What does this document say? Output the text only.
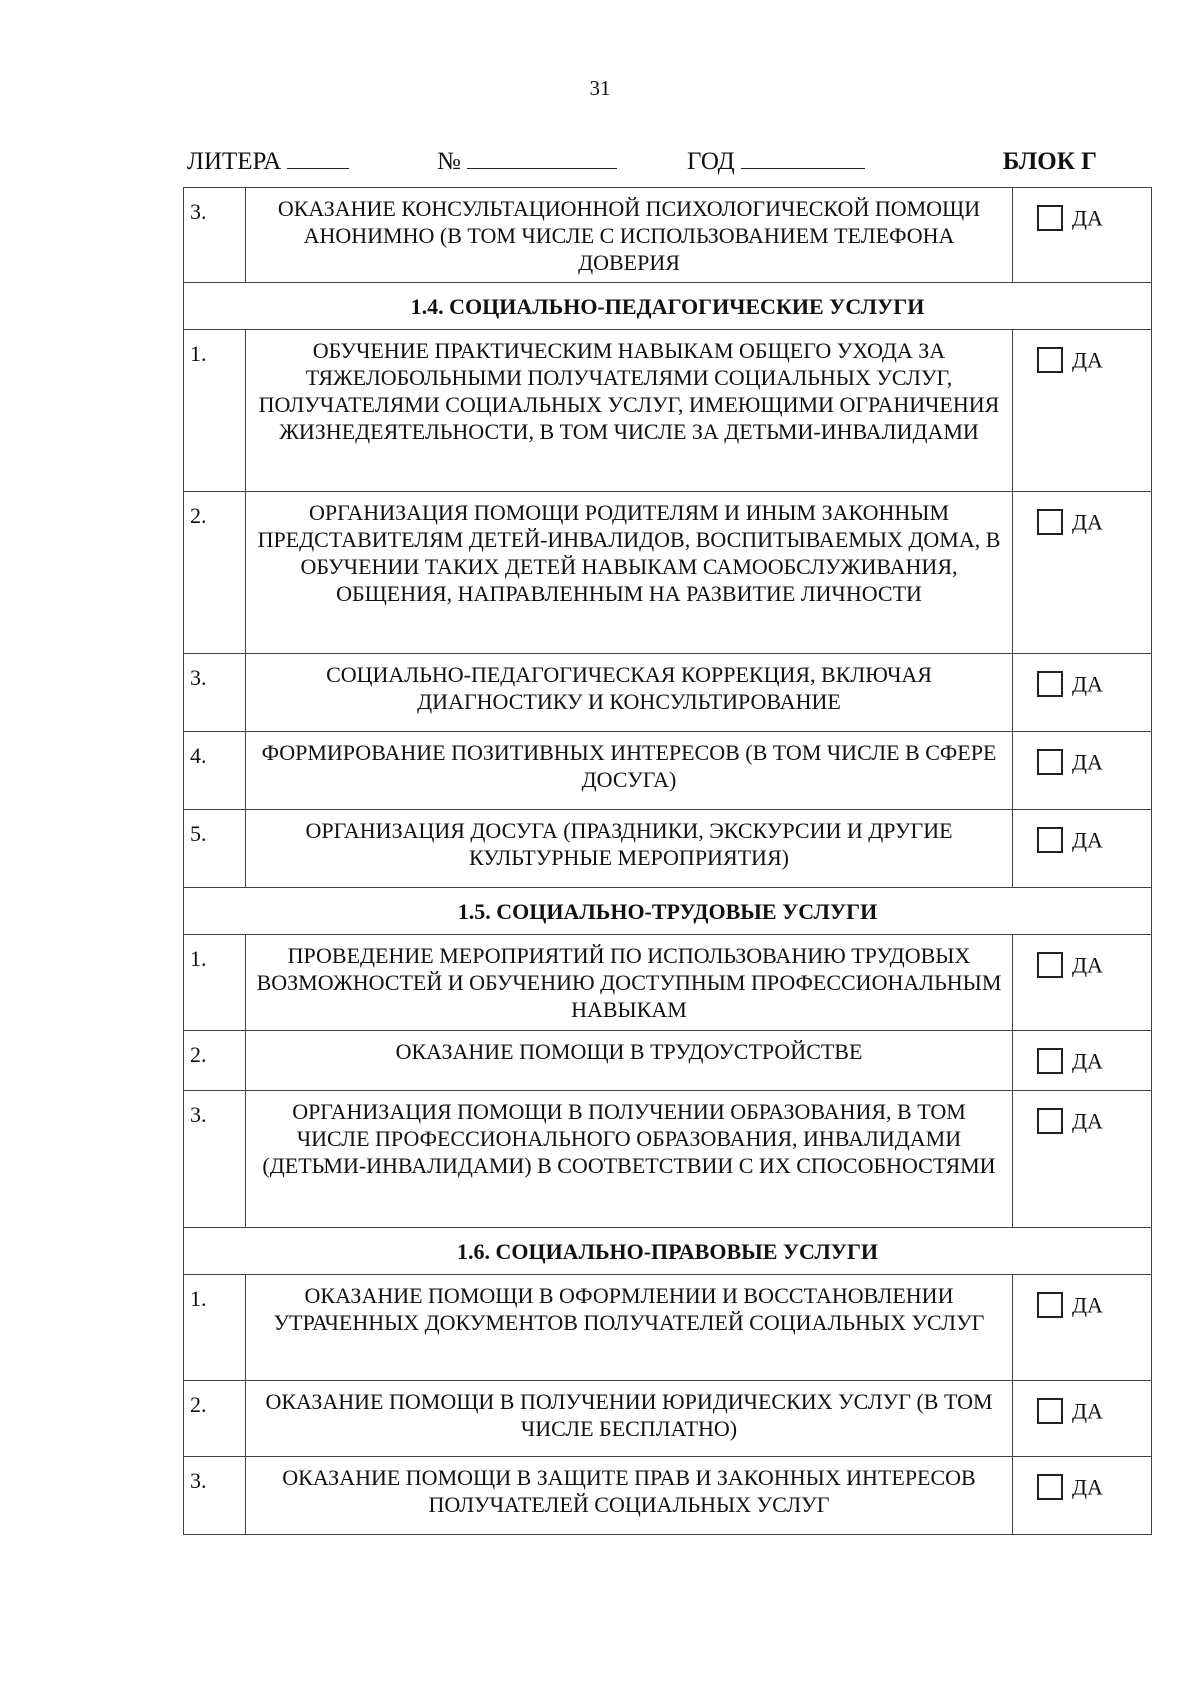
31
ЛИТЕРА	№	ГОД	БЛОК Г
3.	ОКАЗАНИЕ КОНСУЛЬТАЦИОННОЙ ПСИХОЛОГИЧЕСКОЙ ПОМОЩИ АНОНИМНО (В ТОМ ЧИСЛЕ С ИСПОЛЬЗОВАНИЕМ ТЕЛЕФОНА ДОВЕРИЯ	ДА
1.4. СОЦИАЛЬНО-ПЕДАГОГИЧЕСКИЕ УСЛУГИ		
1.	ОБУЧЕНИЕ ПРАКТИЧЕСКИМ НАВЫКАМ ОБЩЕГО УХОДА ЗА ТЯЖЕЛОБОЛЬНЫМИ ПОЛУЧАТЕЛЯМИ СОЦИАЛЬНЫХ УСЛУГ, ПОЛУЧАТЕЛЯМИ СОЦИАЛЬНЫХ УСЛУГ, ИМЕЮЩИМИ ОГРАНИЧЕНИЯ ЖИЗНЕДЕЯТЕЛЬНОСТИ, В ТОМ ЧИСЛЕ ЗА ДЕТЬМИ-ИНВАЛИДАМИ	ДА
2.	ОРГАНИЗАЦИЯ ПОМОЩИ РОДИТЕЛЯМ И ИНЫМ ЗАКОННЫМ ПРЕДСТАВИТЕЛЯМ ДЕТЕЙ-ИНВАЛИДОВ, ВОСПИТЫВАЕМЫХ ДОМА, В ОБУЧЕНИИ ТАКИХ ДЕТЕЙ НАВЫКАМ САМООБСЛУЖИВАНИЯ, ОБЩЕНИЯ, НАПРАВЛЕННЫМ НА РАЗВИТИЕ ЛИЧНОСТИ	ДА
3.	СОЦИАЛЬНО-ПЕДАГОГИЧЕСКАЯ КОРРЕКЦИЯ, ВКЛЮЧАЯ ДИАГНОСТИКУ И КОНСУЛЬТИРОВАНИЕ	ДА
4.	ФОРМИРОВАНИЕ ПОЗИТИВНЫХ ИНТЕРЕСОВ (В ТОМ ЧИСЛЕ В СФЕРЕ ДОСУГА)	ДА
5.	ОРГАНИЗАЦИЯ ДОСУГА (ПРАЗДНИКИ, ЭКСКУРСИИ И ДРУГИЕ КУЛЬТУРНЫЕ МЕРОПРИЯТИЯ)	ДА
1.5. СОЦИАЛЬНО-ТРУДОВЫЕ УСЛУГИ		
1.	ПРОВЕДЕНИЕ МЕРОПРИЯТИЙ ПО ИСПОЛЬЗОВАНИЮ ТРУДОВЫХ ВОЗМОЖНОСТЕЙ И ОБУЧЕНИЮ ДОСТУПНЫМ ПРОФЕССИОНАЛЬНЫМ НАВЫКАМ	ДА
2.	ОКАЗАНИЕ ПОМОЩИ В ТРУДОУСТРОЙСТВЕ	ДА
3.	ОРГАНИЗАЦИЯ ПОМОЩИ В ПОЛУЧЕНИИ ОБРАЗОВАНИЯ, В ТОМ ЧИСЛЕ ПРОФЕССИОНАЛЬНОГО ОБРАЗОВАНИЯ, ИНВАЛИДАМИ (ДЕТЬМИ-ИНВАЛИДАМИ) В СООТВЕТСТВИИ С ИХ СПОСОБНОСТЯМИ	ДА
1.6. СОЦИАЛЬНО-ПРАВОВЫЕ УСЛУГИ		
1.	ОКАЗАНИЕ ПОМОЩИ В ОФОРМЛЕНИИ И ВОССТАНОВЛЕНИИ УТРАЧЕННЫХ ДОКУМЕНТОВ ПОЛУЧАТЕЛЕЙ СОЦИАЛЬНЫХ УСЛУГ	ДА
2.	ОКАЗАНИЕ ПОМОЩИ В ПОЛУЧЕНИИ ЮРИДИЧЕСКИХ УСЛУГ (В ТОМ ЧИСЛЕ БЕСПЛАТНО)	ДА
3.	ОКАЗАНИЕ ПОМОЩИ В ЗАЩИТЕ ПРАВ И ЗАКОННЫХ ИНТЕРЕСОВ ПОЛУЧАТЕЛЕЙ СОЦИАЛЬНЫХ УСЛУГ	ДА
